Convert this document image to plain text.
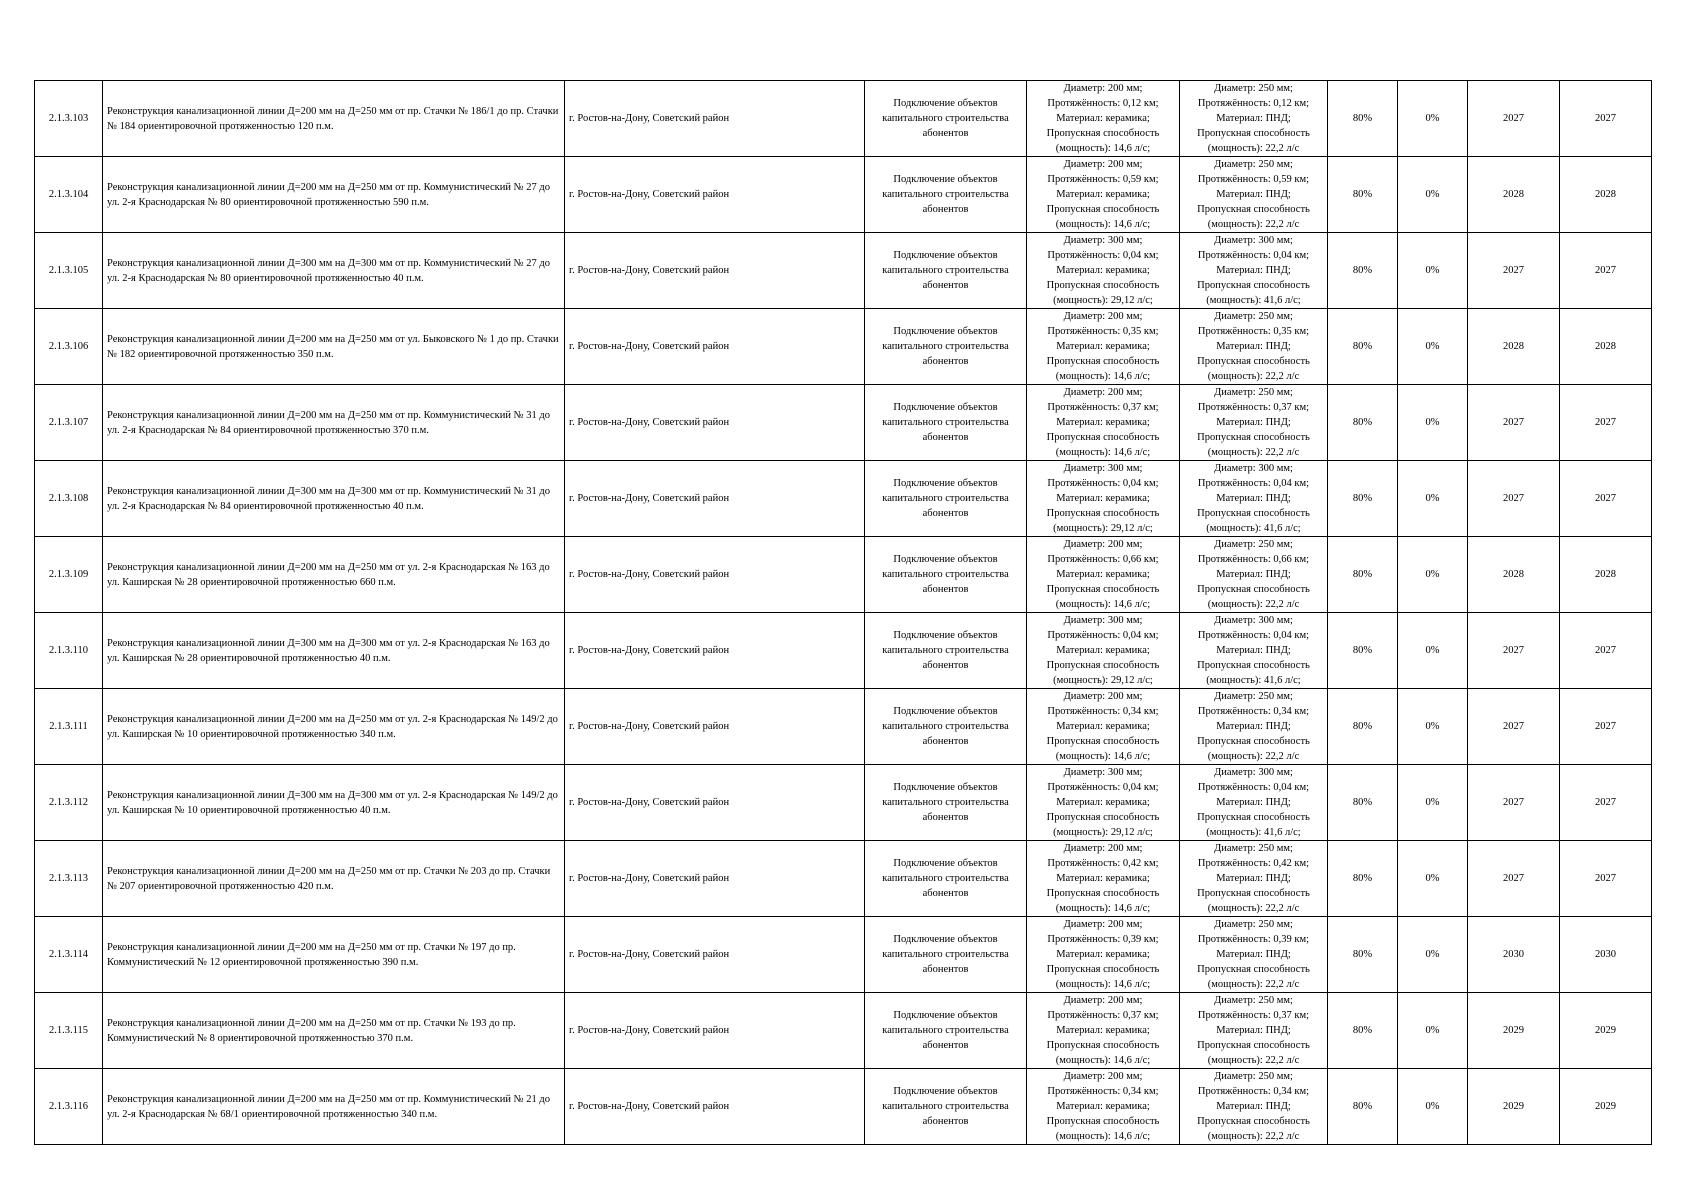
2.1.3.103	Реконструкция канализационной линии Д=200 мм на Д=250 мм от пр. Стачки № 186/1 до пр. Стачки № 184 ориентировочной протяженностью 120 п.м.	г. Ростов-на-Дону, Советский район	Подключение объектов капитального строительства абонентов	Диаметр: 200 мм;
Протяжённость: 0,12 км;
Материал: керамика;
Пропускная способность
(мощность): 14,6 л/с;	Диаметр: 250 мм;
Протяжённость: 0,12 км;
Материал: ПНД;
Пропускная способность
(мощность): 22,2 л/с	80%	0%	2027	2027
2.1.3.104	Реконструкция канализационной линии Д=200 мм на Д=250 мм от пр. Коммунистический № 27 до ул. 2-я Краснодарская № 80 ориентировочной протяженностью 590 п.м.	г. Ростов-на-Дону, Советский район	Подключение объектов капитального строительства абонентов	Диаметр: 200 мм;
Протяжённость: 0,59 км;
Материал: керамика;
Пропускная способность
(мощность): 14,6 л/с;	Диаметр: 250 мм;
Протяжённость: 0,59 км;
Материал: ПНД;
Пропускная способность
(мощность): 22,2 л/с	80%	0%	2028	2028
2.1.3.105	Реконструкция канализационной линии Д=300 мм на Д=300 мм от пр. Коммунистический № 27 до ул. 2-я Краснодарская № 80 ориентировочной протяженностью 40 п.м.	г. Ростов-на-Дону, Советский район	Подключение объектов капитального строительства абонентов	Диаметр: 300 мм;
Протяжённость: 0,04 км;
Материал: керамика;
Пропускная способность
(мощность): 29,12 л/с;	Диаметр: 300 мм;
Протяжённость: 0,04 км;
Материал: ПНД;
Пропускная способность
(мощность): 41,6 л/с;	80%	0%	2027	2027
2.1.3.106	Реконструкция канализационной линии Д=200 мм на Д=250 мм от ул. Быковского № 1 до пр. Стачки № 182 ориентировочной протяженностью 350 п.м.	г. Ростов-на-Дону, Советский район	Подключение объектов капитального строительства абонентов	Диаметр: 200 мм;
Протяжённость: 0,35 км;
Материал: керамика;
Пропускная способность
(мощность): 14,6 л/с;	Диаметр: 250 мм;
Протяжённость: 0,35 км;
Материал: ПНД;
Пропускная способность
(мощность): 22,2 л/с	80%	0%	2028	2028
2.1.3.107	Реконструкция канализационной линии Д=200 мм на Д=250 мм от пр. Коммунистический № 31 до ул. 2-я Краснодарская № 84 ориентировочной протяженностью 370 п.м.	г. Ростов-на-Дону, Советский район	Подключение объектов капитального строительства абонентов	Диаметр: 200 мм;
Протяжённость: 0,37 км;
Материал: керамика;
Пропускная способность
(мощность): 14,6 л/с;	Диаметр: 250 мм;
Протяжённость: 0,37 км;
Материал: ПНД;
Пропускная способность
(мощность): 22,2 л/с	80%	0%	2027	2027
2.1.3.108	Реконструкция канализационной линии Д=300 мм на Д=300 мм от пр. Коммунистический № 31 до ул. 2-я Краснодарская № 84 ориентировочной протяженностью 40 п.м.	г. Ростов-на-Дону, Советский район	Подключение объектов капитального строительства абонентов	Диаметр: 300 мм;
Протяжённость: 0,04 км;
Материал: керамика;
Пропускная способность
(мощность): 29,12 л/с;	Диаметр: 300 мм;
Протяжённость: 0,04 км;
Материал: ПНД;
Пропускная способность
(мощность): 41,6 л/с;	80%	0%	2027	2027
2.1.3.109	Реконструкция канализационной линии Д=200 мм на Д=250 мм от ул. 2-я Краснодарская № 163 до ул. Каширская № 28 ориентировочной протяженностью 660 п.м.	г. Ростов-на-Дону, Советский район	Подключение объектов капитального строительства абонентов	Диаметр: 200 мм;
Протяжённость: 0,66 км;
Материал: керамика;
Пропускная способность
(мощность): 14,6 л/с;	Диаметр: 250 мм;
Протяжённость: 0,66 км;
Материал: ПНД;
Пропускная способность
(мощность): 22,2 л/с	80%	0%	2028	2028
2.1.3.110	Реконструкция канализационной линии Д=300 мм на Д=300 мм от ул. 2-я Краснодарская № 163 до ул. Каширская № 28 ориентировочной протяженностью 40 п.м.	г. Ростов-на-Дону, Советский район	Подключение объектов капитального строительства абонентов	Диаметр: 300 мм;
Протяжённость: 0,04 км;
Материал: керамика;
Пропускная способность
(мощность): 29,12 л/с;	Диаметр: 300 мм;
Протяжённость: 0,04 км;
Материал: ПНД;
Пропускная способность
(мощность): 41,6 л/с;	80%	0%	2027	2027
2.1.3.111	Реконструкция канализационной линии Д=200 мм на Д=250 мм от ул. 2-я Краснодарская № 149/2 до ул. Каширская № 10 ориентировочной протяженностью 340 п.м.	г. Ростов-на-Дону, Советский район	Подключение объектов капитального строительства абонентов	Диаметр: 200 мм;
Протяжённость: 0,34 км;
Материал: керамика;
Пропускная способность
(мощность): 14,6 л/с;	Диаметр: 250 мм;
Протяжённость: 0,34 км;
Материал: ПНД;
Пропускная способность
(мощность): 22,2 л/с	80%	0%	2027	2027
2.1.3.112	Реконструкция канализационной линии Д=300 мм на Д=300 мм от ул. 2-я Краснодарская № 149/2 до ул. Каширская № 10 ориентировочной протяженностью 40 п.м.	г. Ростов-на-Дону, Советский район	Подключение объектов капитального строительства абонентов	Диаметр: 300 мм;
Протяжённость: 0,04 км;
Материал: керамика;
Пропускная способность
(мощность): 29,12 л/с;	Диаметр: 300 мм;
Протяжённость: 0,04 км;
Материал: ПНД;
Пропускная способность
(мощность): 41,6 л/с;	80%	0%	2027	2027
2.1.3.113	Реконструкция канализационной линии Д=200 мм на Д=250 мм от пр. Стачки № 203 до пр. Стачки № 207 ориентировочной протяженностью 420 п.м.	г. Ростов-на-Дону, Советский район	Подключение объектов капитального строительства абонентов	Диаметр: 200 мм;
Протяжённость: 0,42 км;
Материал: керамика;
Пропускная способность
(мощность): 14,6 л/с;	Диаметр: 250 мм;
Протяжённость: 0,42 км;
Материал: ПНД;
Пропускная способность
(мощность): 22,2 л/с	80%	0%	2027	2027
2.1.3.114	Реконструкция канализационной линии Д=200 мм на Д=250 мм от пр. Стачки № 197 до пр. Коммунистический № 12 ориентировочной протяженностью 390 п.м.	г. Ростов-на-Дону, Советский район	Подключение объектов капитального строительства абонентов	Диаметр: 200 мм;
Протяжённость: 0,39 км;
Материал: керамика;
Пропускная способность
(мощность): 14,6 л/с;	Диаметр: 250 мм;
Протяжённость: 0,39 км;
Материал: ПНД;
Пропускная способность
(мощность): 22,2 л/с	80%	0%	2030	2030
2.1.3.115	Реконструкция канализационной линии Д=200 мм на Д=250 мм от пр. Стачки № 193 до пр. Коммунистический № 8 ориентировочной протяженностью 370 п.м.	г. Ростов-на-Дону, Советский район	Подключение объектов капитального строительства абонентов	Диаметр: 200 мм;
Протяжённость: 0,37 км;
Материал: керамика;
Пропускная способность
(мощность): 14,6 л/с;	Диаметр: 250 мм;
Протяжённость: 0,37 км;
Материал: ПНД;
Пропускная способность
(мощность): 22,2 л/с	80%	0%	2029	2029
2.1.3.116	Реконструкция канализационной линии Д=200 мм на Д=250 мм от пр. Коммунистический № 21 до ул. 2-я Краснодарская № 68/1 ориентировочной протяженностью 340 п.м.	г. Ростов-на-Дону, Советский район	Подключение объектов капитального строительства абонентов	Диаметр: 200 мм;
Протяжённость: 0,34 км;
Материал: керамика;
Пропускная способность
(мощность): 14,6 л/с;	Диаметр: 250 мм;
Протяжённость: 0,34 км;
Материал: ПНД;
Пропускная способность
(мощность): 22,2 л/с	80%	0%	2029	2029
